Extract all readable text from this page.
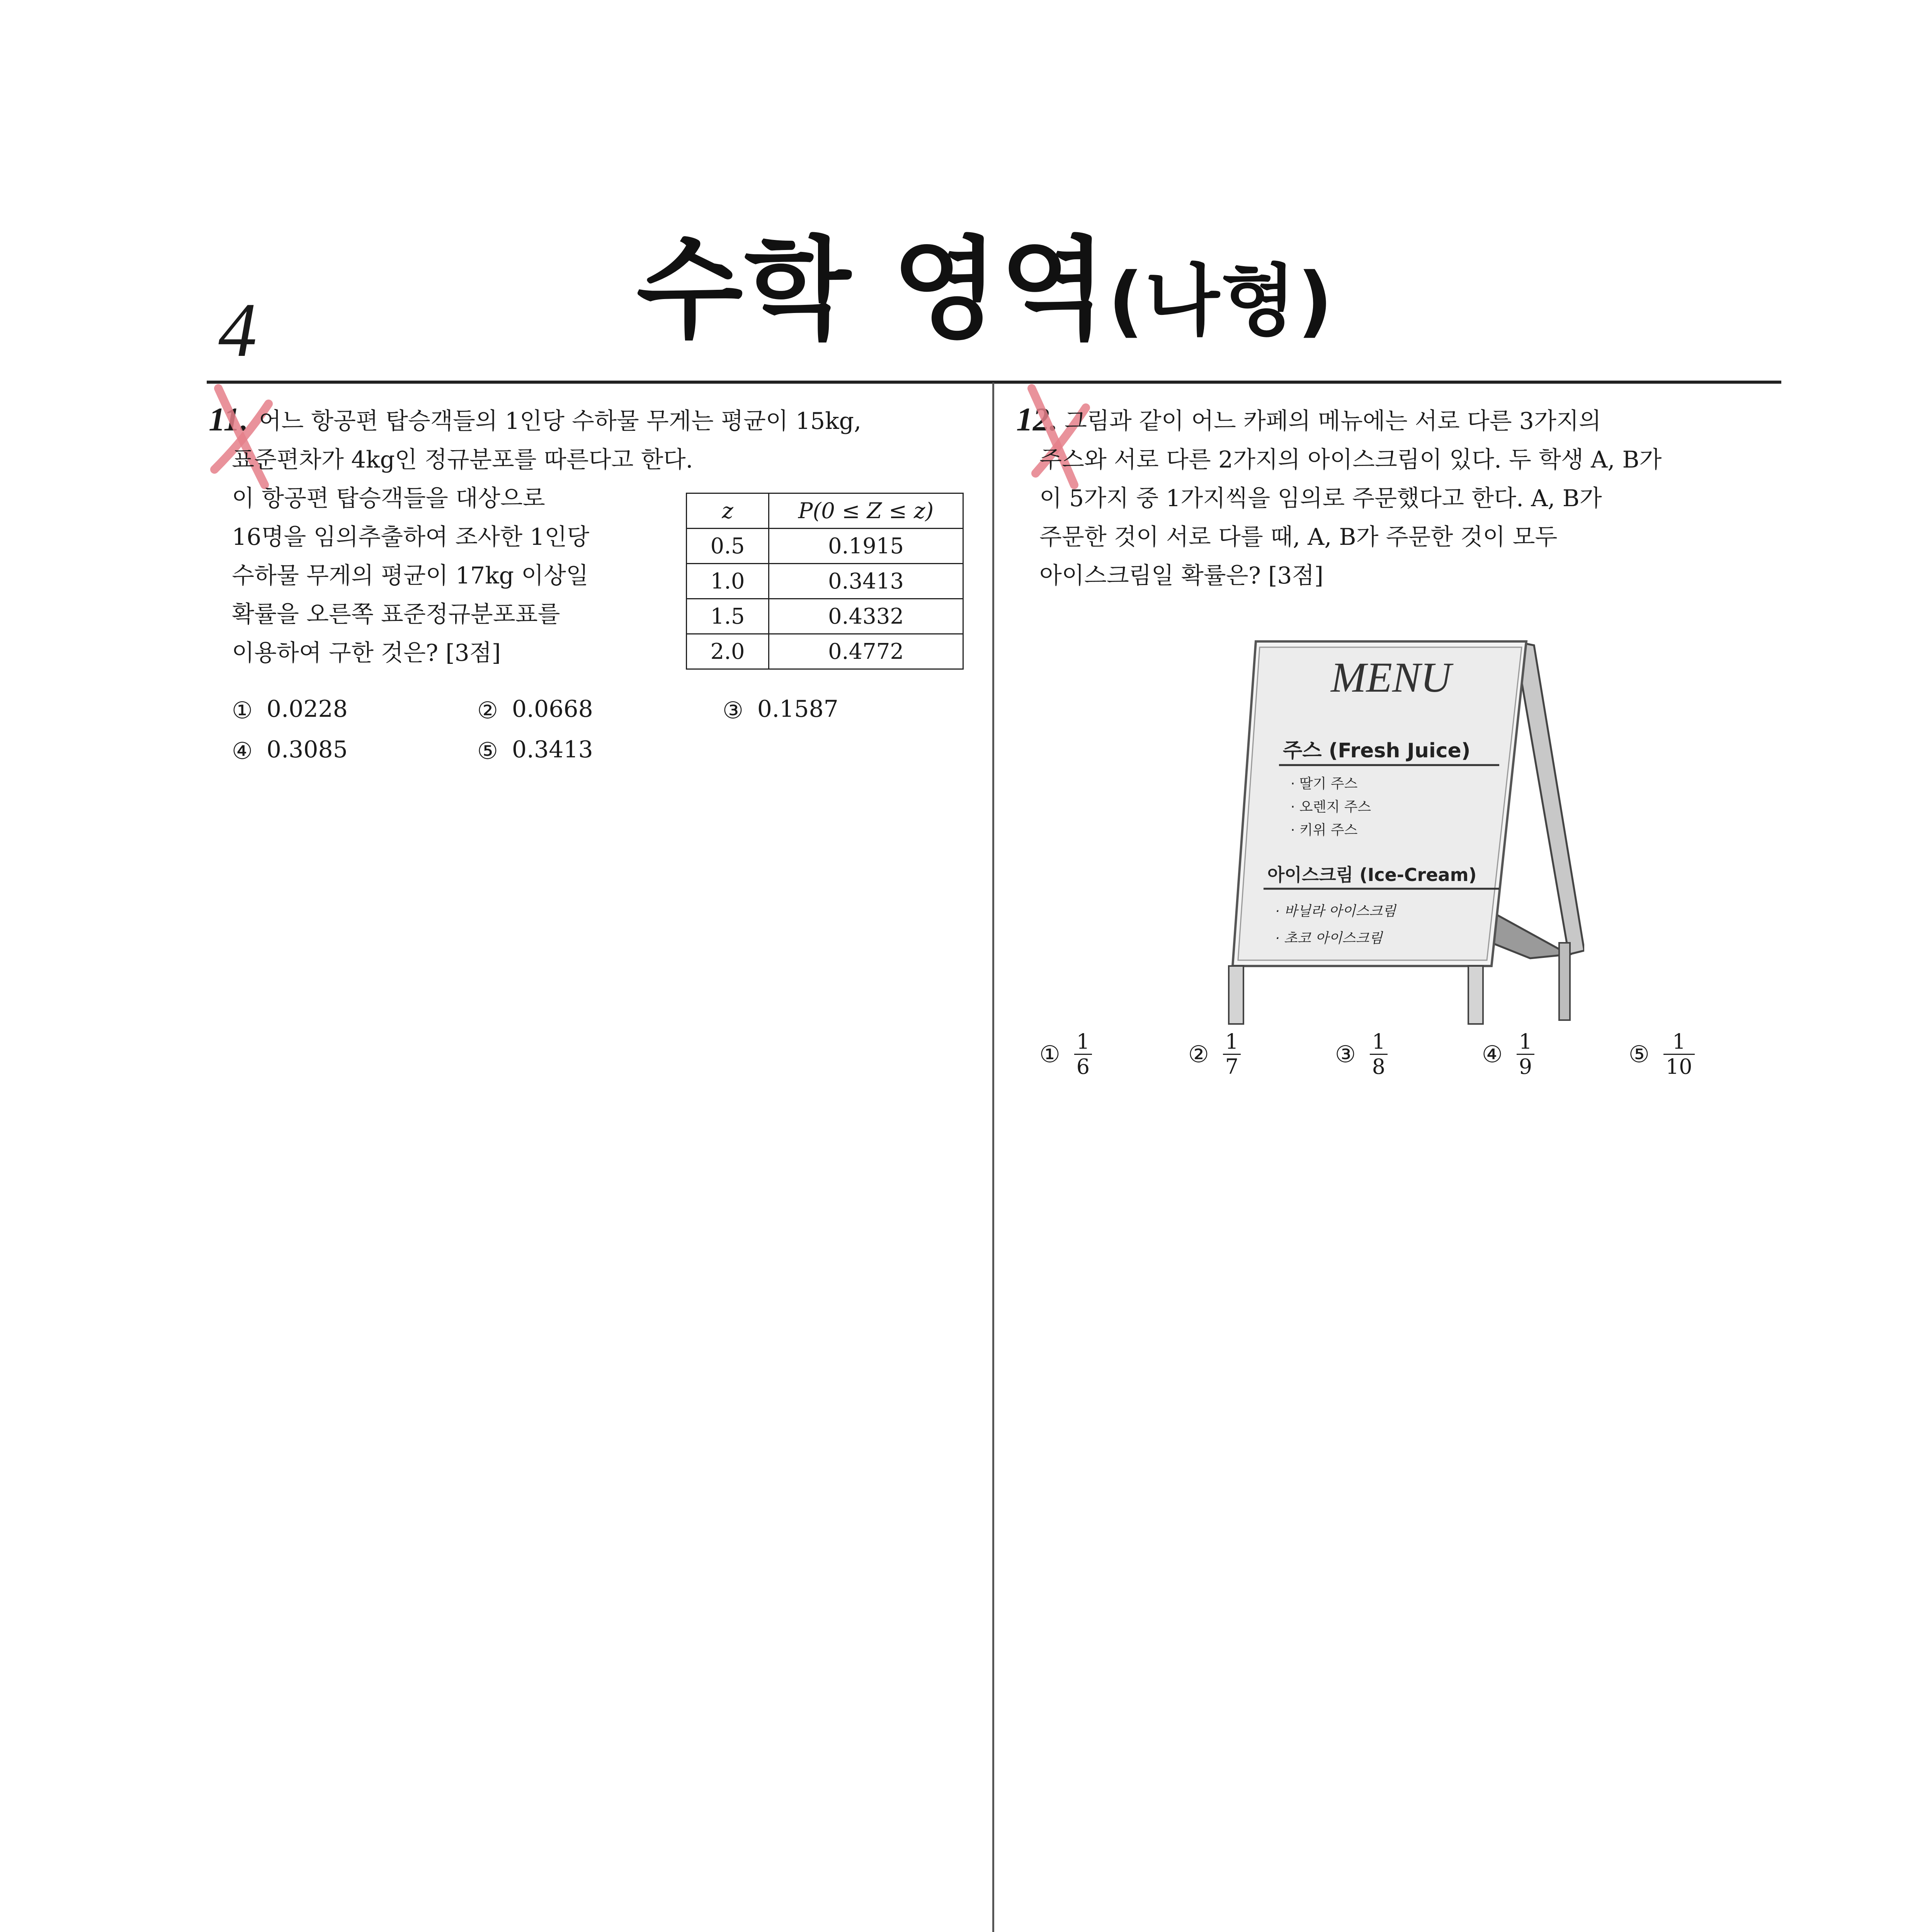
4	수학 영역(나형)
11. 어느 항공편 탑승객들의 1인당 수하물 무게는 평균이 15kg,
표준편차가 4kg인 정규분포를 따른다고 한다.
이 항공편 탑승객들을 대상으로
16명을 임의추출하여 조사한 1인당
수하물 무게의 평균이 17kg 이상일
확률을 오른쪽 표준정규분포표를
이용하여 구한 것은? [3점]
z	P(0 ≤ Z ≤ z)
0.5	0.1915
1.0	0.3413
1.5	0.4332
2.0	0.4772
① 0.0228	② 0.0668	③ 0.1587
④ 0.3085	⑤ 0.3413
12. 그림과 같이 어느 카페의 메뉴에는 서로 다른 3가지의
주스와 서로 다른 2가지의 아이스크림이 있다. 두 학생 A, B가
이 5가지 중 1가지씩을 임의로 주문했다고 한다. A, B가
주문한 것이 서로 다를 때, A, B가 주문한 것이 모두
아이스크림일 확률은? [3점]
MENU
주스 (Fresh Juice)
· 딸기 주스
· 오렌지 주스
· 키위 주스
아이스크림 (Ice-Cream)
· 바닐라 아이스크림
· 초코 아이스크림
① $\frac{1}{6}$	② $\frac{1}{7}$	③ $\frac{1}{8}$	④ $\frac{1}{9}$	⑤ $\frac{1}{10}$
